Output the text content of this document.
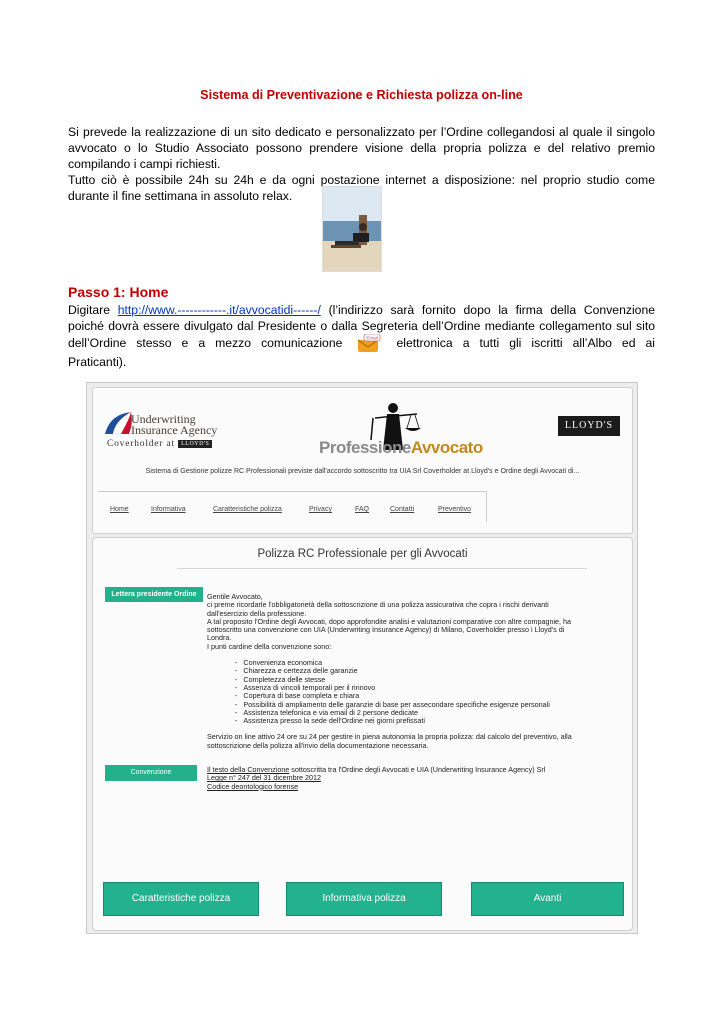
Sistema di Preventivazione e Richiesta polizza on-line
Si prevede la realizzazione di un sito dedicato e personalizzato per l’Ordine collegandosi al quale il singolo
avvocato o lo Studio Associato possono prendere visione della propria polizza e del relativo premio
compilando i campi richiesti.
Tutto ciò è possibile 24h su 24h e da ogni postazione internet a disposizione: nel proprio studio come
durante il fine settimana in assoluto relax.
Passo 1: Home
Digitare http://www.------------.it/avvocatidi------/ (l’indirizzo sarà fornito dopo la firma della Convenzione
poiché dovrà essere divulgato dal Presidente o dalla Segreteria dell’Ordine mediante collegamento sul sito
dell’Ordine stesso e a mezzo comunicazione	Email elettronica a tutti gli iscritti all’Albo ed ai
Praticanti).
Underwriting
Insurance Agency
Coverholder at LLOYD'S	ProfessioneAvvocato
LLOYD'S
Sistema di Gestione polizze RC Professionali previste dall'accordo sottoscritto tra UIA Srl Coverholder at Lloyd's e Ordine degli Avvocati di...
Home	Informativa	Caratteristiche polizza	Privacy	FAQ	Contatti	Preventivo
Polizza RC Professionale per gli Avvocati
Lettera presidente Ordine	Gentile Avvocato,
ci preme ricordarle l'obbligatorietà della sottoscrizione di una polizza assicurativa che copra i rischi derivanti
dall'esercizio della professione.
A tal proposito l'Ordine degli Avvocati, dopo approfondite analisi e valutazioni comparative con altre compagnie, ha
sottoscritto una convenzione con UIA (Underwriting Insurance Agency) di Milano, Coverholder presso i Lloyd's di
Londra.
I punti cardine della convenzione sono:
-   Convenienza economica
-   Chiarezza e certezza delle garanzie
-   Completezza delle stesse
-   Assenza di vincoli temporali per il rinnovo
-   Copertura di base completa e chiara
-   Possibilità di ampliamento delle garanzie di base per assecondare specifiche esigenze personali
-   Assistenza telefonica e via email di 2 persone dedicate
-   Assistenza presso la sede dell'Ordine nei giorni prefissati
Servizio on line attivo 24 ore su 24 per gestire in piena autonomia la propria polizza: dal calcolo del preventivo, alla
sottoscrizione della polizza all'invio della documentazione necessaria.
Convenzione	Il testo della Convenzione sottoscritta tra l'Ordine degli Avvocati e UIA (Underwriting Insurance Agency) Srl
Legge n° 247 del 31 dicembre 2012
Codice deontologico forense
Caratteristiche polizza	Informativa polizza	Avanti
